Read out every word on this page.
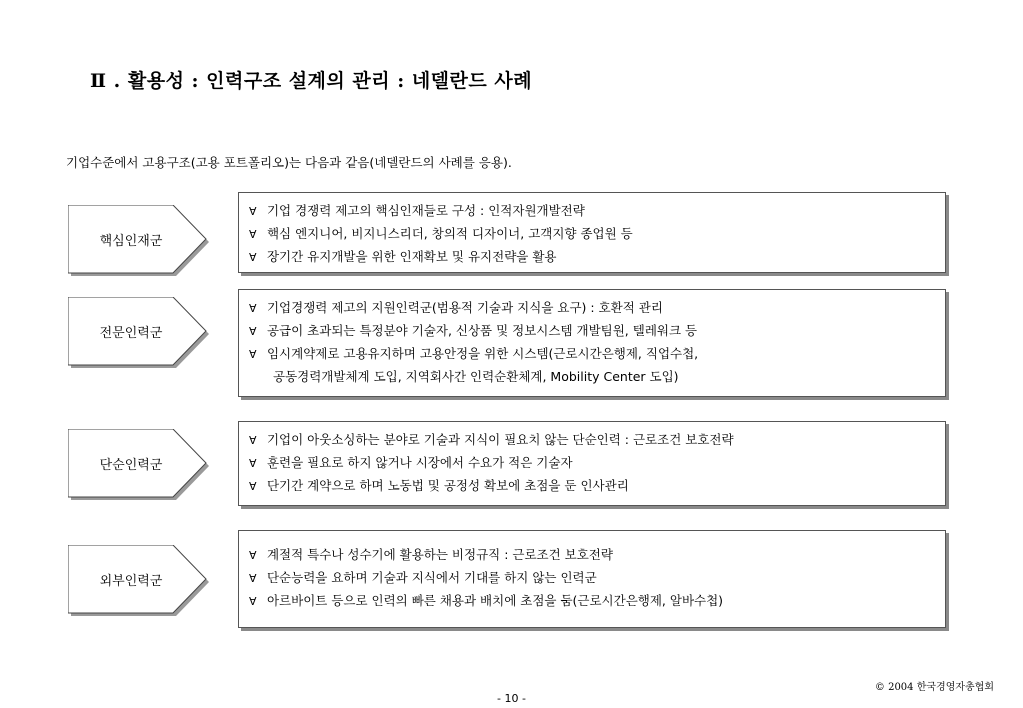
Ⅱ . 활용성 : 인력구조 설계의 관리 : 네델란드 사례
기업수준에서 고용구조(고용 포트폴리오)는 다음과 같음(네델란드의 사례를 응용).
핵심인재군
∀ 기업 경쟁력 제고의 핵심인재들로 구성 : 인적자원개발전략
∀ 핵심 엔지니어, 비지니스리더, 창의적 디자이너, 고객지향 종업원 등
∀ 장기간 유지개발을 위한 인재확보 및 유지전략을 활용
전문인력군
∀ 기업경쟁력 제고의 지원인력군(범용적 기술과 지식을 요구) : 호환적 관리
∀ 공급이 초과되는 특정분야 기술자, 신상품 및 정보시스템 개발팀원, 텔레워크 등
∀ 임시계약제로 고용유지하며 고용안정을 위한 시스템(근로시간은행제, 직업수첩,
공동경력개발체계 도입, 지역회사간 인력순환체계, Mobility Center 도입)
단순인력군
∀ 기업이 아웃소싱하는 분야로 기술과 지식이 필요치 않는 단순인력 : 근로조건 보호전략
∀ 훈련을 필요로 하지 않거나 시장에서 수요가 적은 기술자
∀ 단기간 계약으로 하며 노동법 및 공정성 확보에 초점을 둔 인사관리
외부인력군
∀ 계절적 특수나 성수기에 활용하는 비정규직 : 근로조건 보호전략
∀ 단순능력을 요하며 기술과 지식에서 기대를 하지 않는 인력군
∀ 아르바이트 등으로 인력의 빠른 채용과 배치에 초점을 둠(근로시간은행제, 알바수첩)
© 2004 한국경영자총협회
- 10 -
